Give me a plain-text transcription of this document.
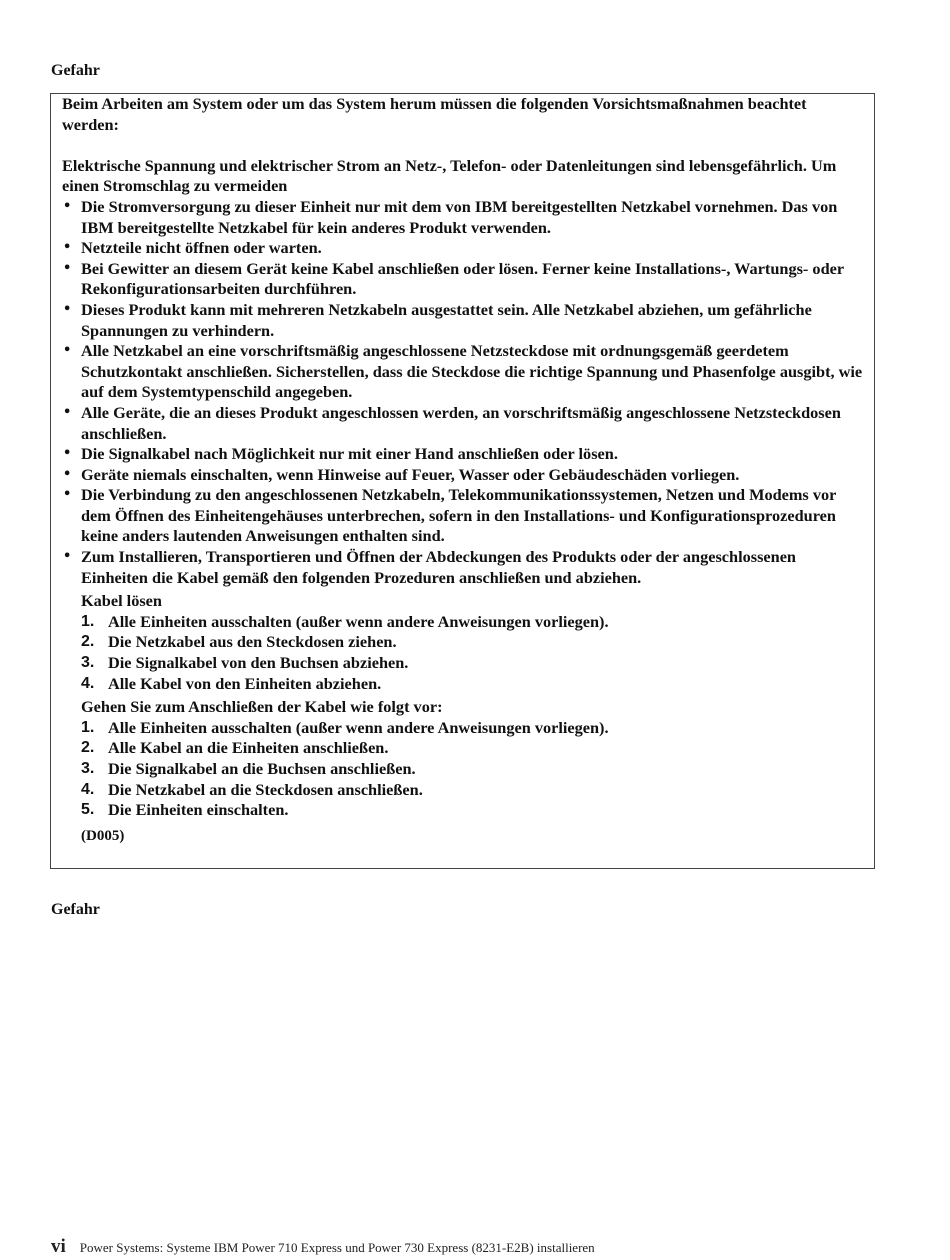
Gefahr

Beim Arbeiten am System oder um das System herum müssen die folgenden Vorsichtsmaßnahmen beachtet werden:

Elektrische Spannung und elektrischer Strom an Netz-, Telefon- oder Datenleitungen sind lebensgefährlich. Um einen Stromschlag zu vermeiden

• Die Stromversorgung zu dieser Einheit nur mit dem von IBM bereitgestellten Netzkabel vornehmen. Das von IBM bereitgestellte Netzkabel für kein anderes Produkt verwenden.
• Netzteile nicht öffnen oder warten.
• Bei Gewitter an diesem Gerät keine Kabel anschließen oder lösen. Ferner keine Installations-, Wartungs- oder Rekonfigurationsarbeiten durchführen.
• Dieses Produkt kann mit mehreren Netzkabeln ausgestattet sein. Alle Netzkabel abziehen, um gefährliche Spannungen zu verhindern.
• Alle Netzkabel an eine vorschriftsmäßig angeschlossene Netzsteckdose mit ordnungsgemäß geerdetem Schutzkontakt anschließen. Sicherstellen, dass die Steckdose die richtige Spannung und Phasenfolge ausgibt, wie auf dem Systemtypenschild angegeben.
• Alle Geräte, die an dieses Produkt angeschlossen werden, an vorschriftsmäßig angeschlossene Netzsteckdosen anschließen.
• Die Signalkabel nach Möglichkeit nur mit einer Hand anschließen oder lösen.
• Geräte niemals einschalten, wenn Hinweise auf Feuer, Wasser oder Gebäudeschäden vorliegen.
• Die Verbindung zu den angeschlossenen Netzkabeln, Telekommunikationssystemen, Netzen und Modems vor dem Öffnen des Einheitengehäuses unterbrechen, sofern in den Installations- und Konfigurationsprozeduren keine anders lautenden Anweisungen enthalten sind.
• Zum Installieren, Transportieren und Öffnen der Abdeckungen des Produkts oder der angeschlossenen Einheiten die Kabel gemäß den folgenden Prozeduren anschließen und abziehen.

Kabel lösen

1. Alle Einheiten ausschalten (außer wenn andere Anweisungen vorliegen).
2. Die Netzkabel aus den Steckdosen ziehen.
3. Die Signalkabel von den Buchsen abziehen.
4. Alle Kabel von den Einheiten abziehen.

Gehen Sie zum Anschließen der Kabel wie folgt vor:

1. Alle Einheiten ausschalten (außer wenn andere Anweisungen vorliegen).
2. Alle Kabel an die Einheiten anschließen.
3. Die Signalkabel an die Buchsen anschließen.
4. Die Netzkabel an die Steckdosen anschließen.
5. Die Einheiten einschalten.

(D005)

Gefahr
vi Power Systems: Systeme IBM Power 710 Express und Power 730 Express (8231-E2B) installieren
